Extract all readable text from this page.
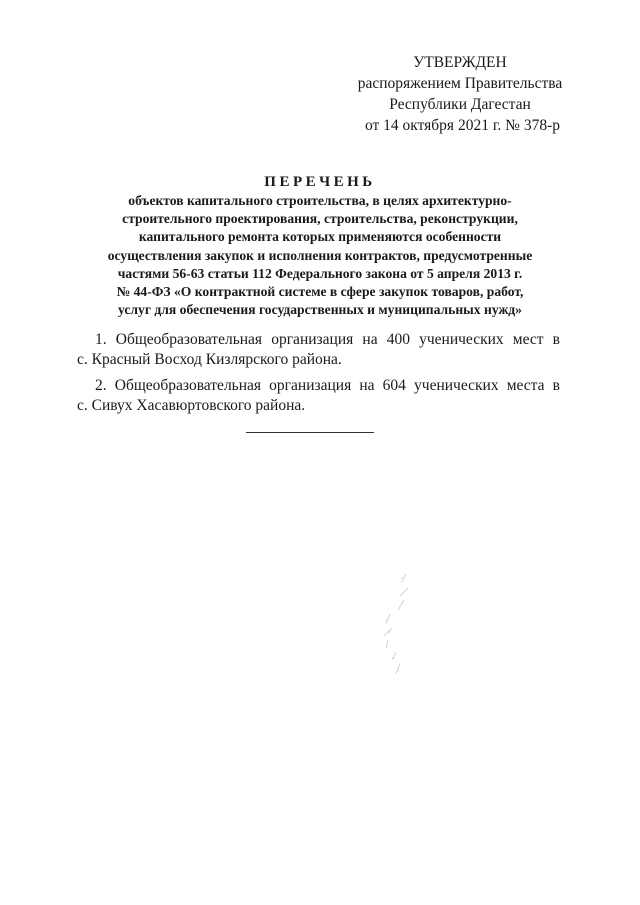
УТВЕРЖДЕН
распоряжением Правительства
Республики Дагестан
от 14 октября 2021 г. № 378-р
ПЕРЕЧЕНЬ
объектов капитального строительства, в целях архитектурно-
строительного проектирования, строительства, реконструкции,
капитального ремонта которых применяются особенности
осуществления закупок и исполнения контрактов, предусмотренные
частями 56-63 статьи 112 Федерального закона от 5 апреля 2013 г.
№ 44-ФЗ «О контрактной системе в сфере закупок товаров, работ,
услуг для обеспечения государственных и муниципальных нужд»
1. Общеобразовательная организация на 400 ученических мест в
с. Красный Восход Кизлярского района.
2. Общеобразовательная организация на 604 ученических места в
с. Сивух Хасавюртовского района.
